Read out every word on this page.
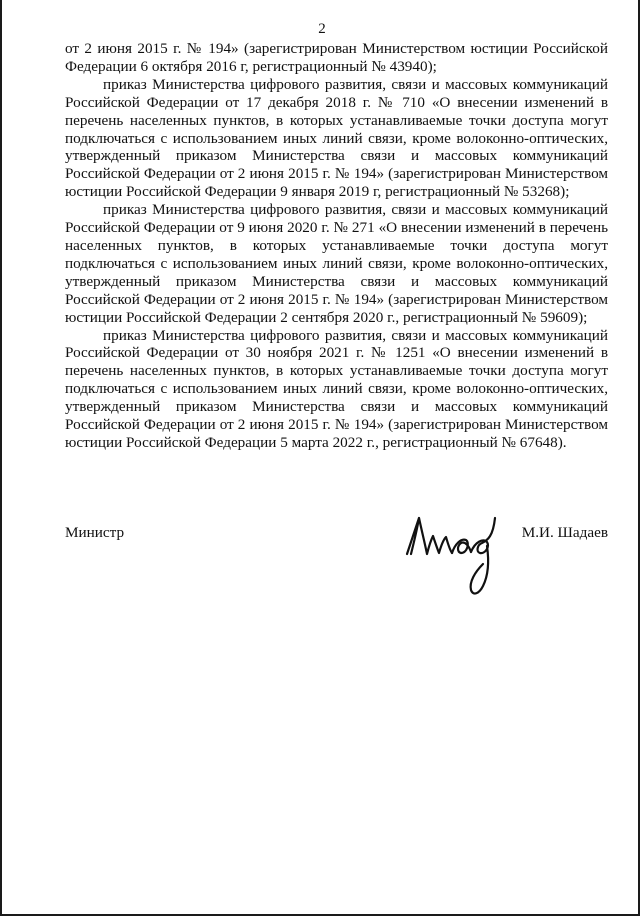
2

от 2 июня 2015 г. № 194» (зарегистрирован Министерством юстиции Российской Федерации 6 октября 2016 г, регистрационный № 43940);

приказ Министерства цифрового развития, связи и массовых коммуникаций Российской Федерации от 17 декабря 2018 г. № 710 «О внесении изменений в перечень населенных пунктов, в которых устанавливаемые точки доступа могут подключаться с использованием иных линий связи, кроме волоконно-оптических, утвержденный приказом Министерства связи и массовых коммуникаций Российской Федерации от 2 июня 2015 г. № 194» (зарегистрирован Министерством юстиции Российской Федерации 9 января 2019 г, регистрационный № 53268);

приказ Министерства цифрового развития, связи и массовых коммуникаций Российской Федерации от 9 июня 2020 г. № 271 «О внесении изменений в перечень населенных пунктов, в которых устанавливаемые точки доступа могут подключаться с использованием иных линий связи, кроме волоконно-оптических, утвержденный приказом Министерства связи и массовых коммуникаций Российской Федерации от 2 июня 2015 г. № 194» (зарегистрирован Министерством юстиции Российской Федерации 2 сентября 2020 г., регистрационный № 59609);

приказ Министерства цифрового развития, связи и массовых коммуникаций Российской Федерации от 30 ноября 2021 г. № 1251 «О внесении изменений в перечень населенных пунктов, в которых устанавливаемые точки доступа могут подключаться с использованием иных линий связи, кроме волоконно-оптических, утвержденный приказом Министерства связи и массовых коммуникаций Российской Федерации от 2 июня 2015 г. № 194» (зарегистрирован Министерством юстиции Российской Федерации 5 марта 2022 г., регистрационный № 67648).

Министр	М.И. Шадаев
